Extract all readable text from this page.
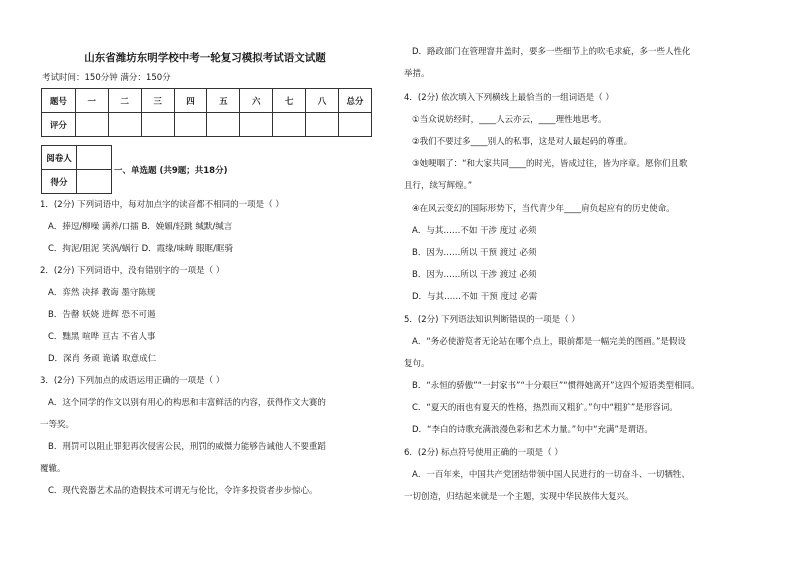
山东省潍坊东明学校中考一轮复习模拟考试语文试题
考试时间：150分钟 满分：150分
题号	一	二	三	四	五	六	七	八	总分
评分									
阅卷人	
得分	
一、单选题 (共9题；共18分)
1．(2分) 下列词语中，每对加点字的读音都不相同的一项是（ ）
A．捧逗/柳噪 满养/口擂 B．娩媚/轻跳 缄默/缄言
C．拘泥/阻泥 笑涡/蜗行 D．霞缘/味畴 眼眶/眶骑
2．(2分) 下列词语中，没有错别字的一项是（ ）
A．弈然 决择 教诲 墨守陈规
B．告罄 妖娆 进辉 恐不可遏
C．黜黑 喧哗 亘古 不省人事
D．深肖 务顽 诡谲 取意成仁
3．(2分) 下列加点的成语运用正确的一项是（ ）
A．这个同学的作文以别有用心的构思和丰富鲜活的内容，获得作文大赛的
一等奖。
B．刑罚可以阻止罪犯再次侵害公民，刑罚的威慑力能够告诫他人不要重蹈
覆辙。
C．现代瓷器艺术品的造假技术可谓无与伦比，令许多投资者步步惊心。
D．路政部门在管理窨井盖时，要多一些细节上的吹毛求疵，多一些人性化
举措。
4．(2分) 依次填入下列横线上最恰当的一组词语是（ ）
①当众说妨经时，____人云亦云，____理性地思考。
②我们不要过多____别人的私事，这是对人最起码的尊重。
③她哽咽了：“和大家共同____的时光，皆成过往，皆为序章。愿你们且歌
且行，续写辉煌。”
④在风云变幻的国际形势下，当代青少年____肩负起应有的历史使命。
A．与其……不如 干涉 度过 必须
B．因为……所以 干预 渡过 必须
B．因为……所以 干涉 渡过 必须
D．与其……不如 干预 度过 必需
5．(2分) 下列语法知识判断错误的一项是（ ）
A．“务必使游览者无论站在哪个点上，眼前都是一幅完美的图画。”是假设
复句。
B．“永恒的骄傲”“一封家书”“十分艰巨”“惯得她离开”这四个短语类型相同。
C．“夏天的雨也有夏天的性格，热烈而又粗犷。”句中“粗犷”是形容词。
D．“李白的诗歌充满浪漫色彩和艺术力量。”句中“充满”是谓语。
6．(2分) 标点符号使用正确的一项是（ ）
A．一百年来，中国共产党团结带领中国人民进行的一切奋斗、一切牺牲、
一切创造，归结起来就是一个主题，实现中华民族伟大复兴。
